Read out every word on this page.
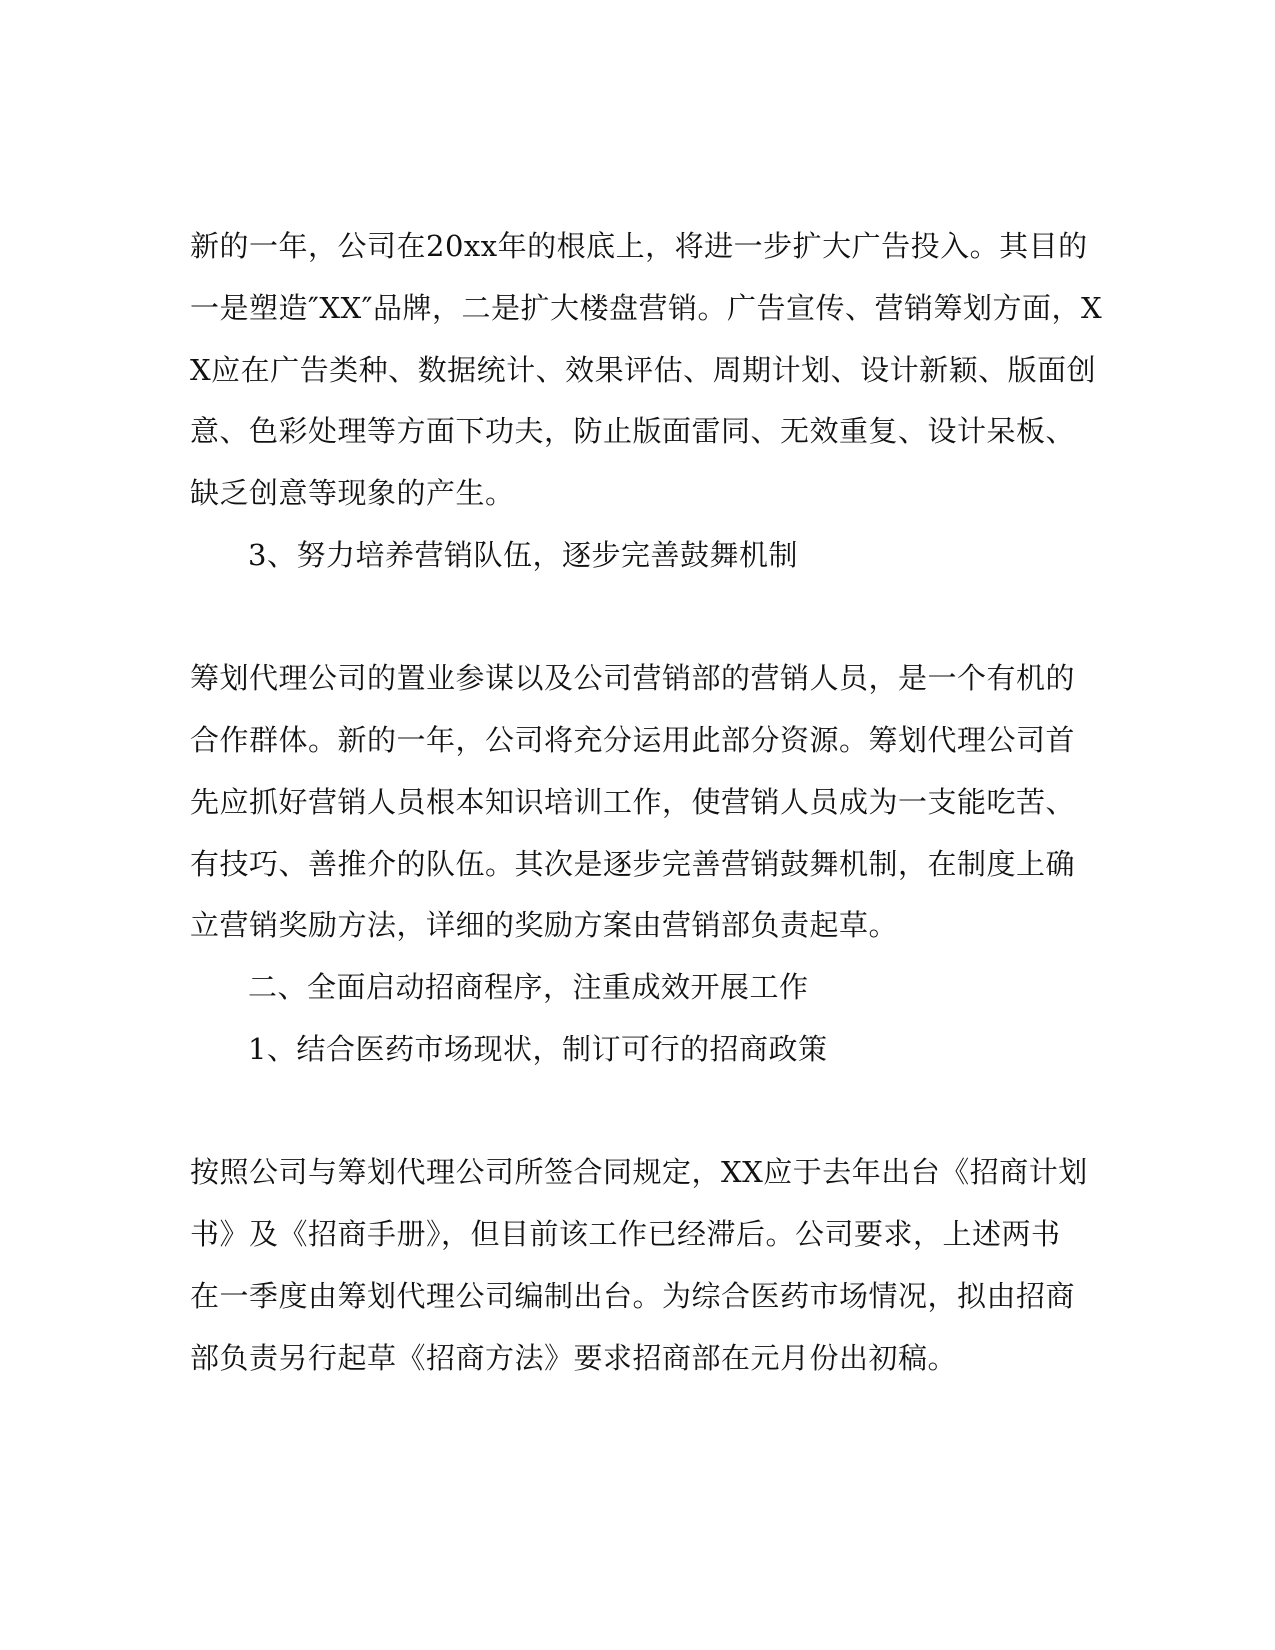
新的一年，公司在20xx年的根底上，将进一步扩大广告投入。其目的
一是塑造″XX″品牌，二是扩大楼盘营销。广告宣传、营销筹划方面，X
X应在广告类种、数据统计、效果评估、周期计划、设计新颖、版面创
意、色彩处理等方面下功夫，防止版面雷同、无效重复、设计呆板、
缺乏创意等现象的产生。
3、努力培养营销队伍，逐步完善鼓舞机制
筹划代理公司的置业参谋以及公司营销部的营销人员，是一个有机的
合作群体。新的一年，公司将充分运用此部分资源。筹划代理公司首
先应抓好营销人员根本知识培训工作，使营销人员成为一支能吃苦、
有技巧、善推介的队伍。其次是逐步完善营销鼓舞机制，在制度上确
立营销奖励方法，详细的奖励方案由营销部负责起草。
二、全面启动招商程序，注重成效开展工作
1、结合医药市场现状，制订可行的招商政策
按照公司与筹划代理公司所签合同规定，XX应于去年出台《招商计划
书》及《招商手册》，但目前该工作已经滞后。公司要求，上述两书
在一季度由筹划代理公司编制出台。为综合医药市场情况，拟由招商
部负责另行起草《招商方法》要求招商部在元月份出初稿。
